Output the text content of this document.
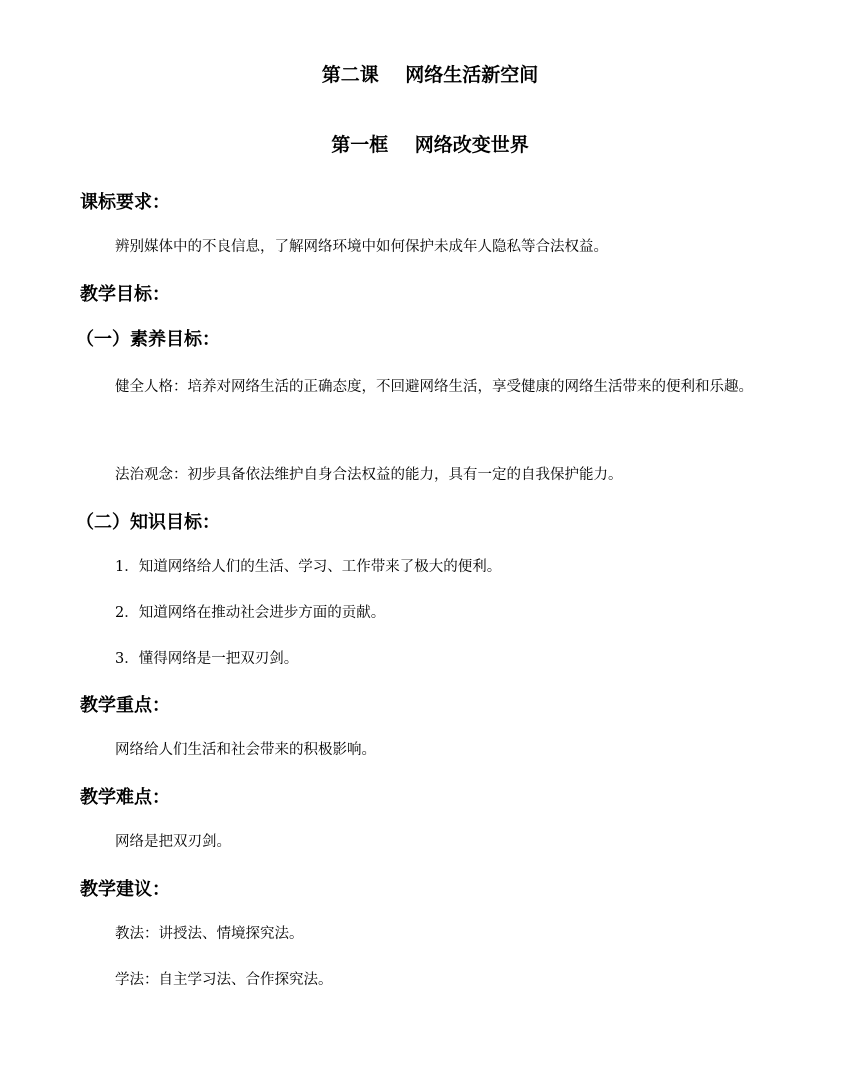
第二课    网络生活新空间
第一框    网络改变世界
课标要求：
辨别媒体中的不良信息，了解网络环境中如何保护未成年人隐私等合法权益。
教学目标：
（一）素养目标：

健全人格：培养对网络生活的正确态度，不回避网络生活，享受健康的网络生活带来的便利和乐趣。

法治观念：初步具备依法维护自身合法权益的能力，具有一定的自我保护能力。
（二）知识目标：
1．知道网络给人们的生活、学习、工作带来了极大的便利。
2．知道网络在推动社会进步方面的贡献。
3．懂得网络是一把双刃剑。
教学重点：
网络给人们生活和社会带来的积极影响。
教学难点：
网络是把双刃剑。
教学建议：
教法：讲授法、情境探究法。
学法：自主学习法、合作探究法。
